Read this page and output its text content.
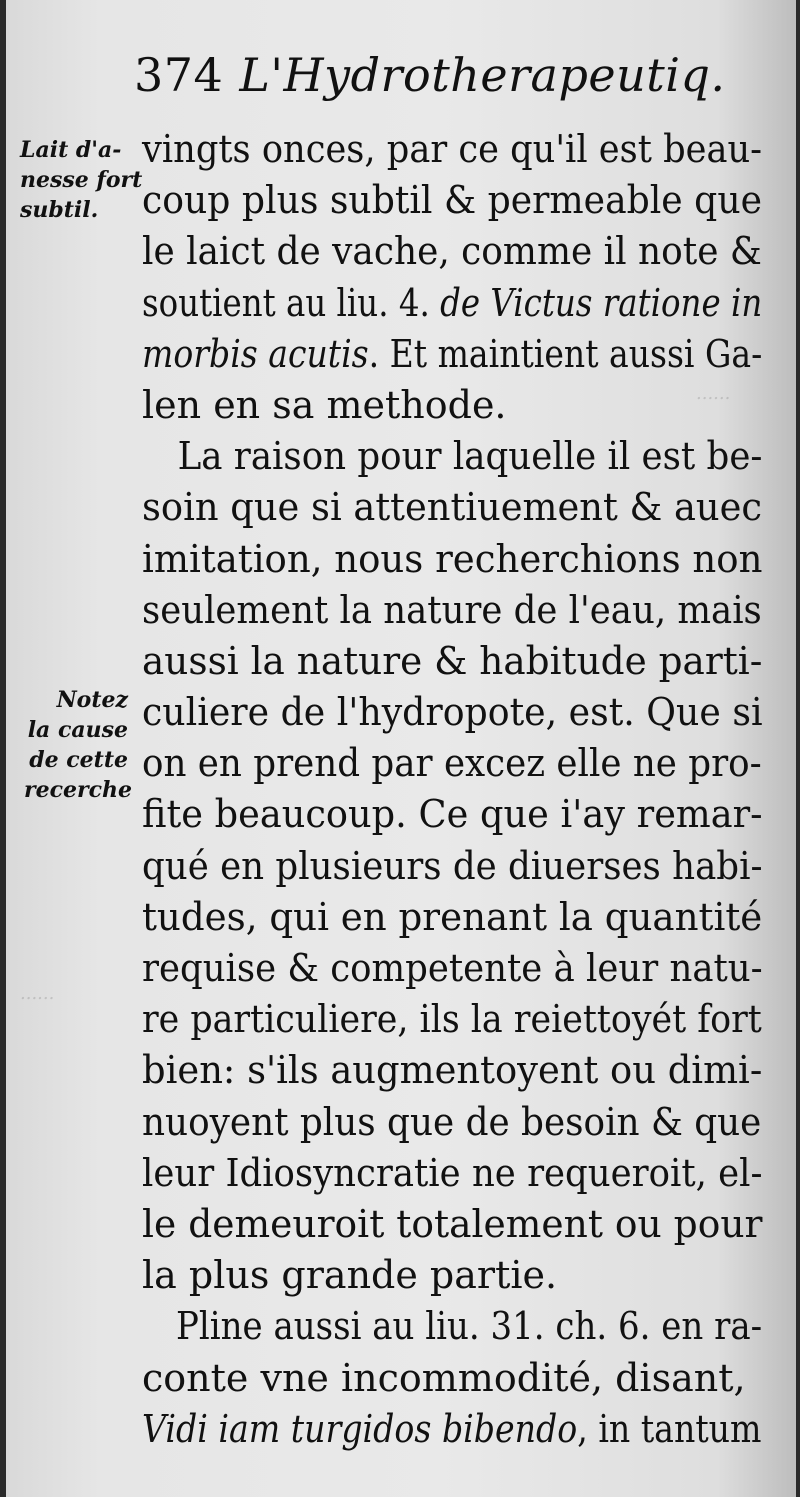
......
......
374 L'Hydrotherapeutiq.
Lait d'a-
nesse fort
subtil.
Notez
la cause
de cette
recerche
vingts onces, par ce qu'il est beau-
coup plus subtil & permeable que
le laict de vache, comme il note &
soutient au liu. 4. de Victus ratione in
morbis acutis. Et maintient aussi Ga-
len en sa methode.
La raison pour laquelle il est be-
soin que si attentiuement & auec
imitation, nous recherchions non
seulement la nature de l'eau, mais
aussi la nature & habitude parti-
culiere de l'hydropote, est. Que si
on en prend par excez elle ne pro-
fite beaucoup. Ce que i'ay remar-
qué en plusieurs de diuerses habi-
tudes, qui en prenant la quantité
requise & competente à leur natu-
re particuliere, ils la reiettoyét fort
bien: s'ils augmentoyent ou dimi-
nuoyent plus que de besoin & que
leur Idiosyncratie ne requeroit, el-
le demeuroit totalement ou pour
la plus grande partie.
Pline aussi au liu. 31. ch. 6. en ra-
conte vne incommodité, disant,
Vidi iam turgidos bibendo, in tantum
